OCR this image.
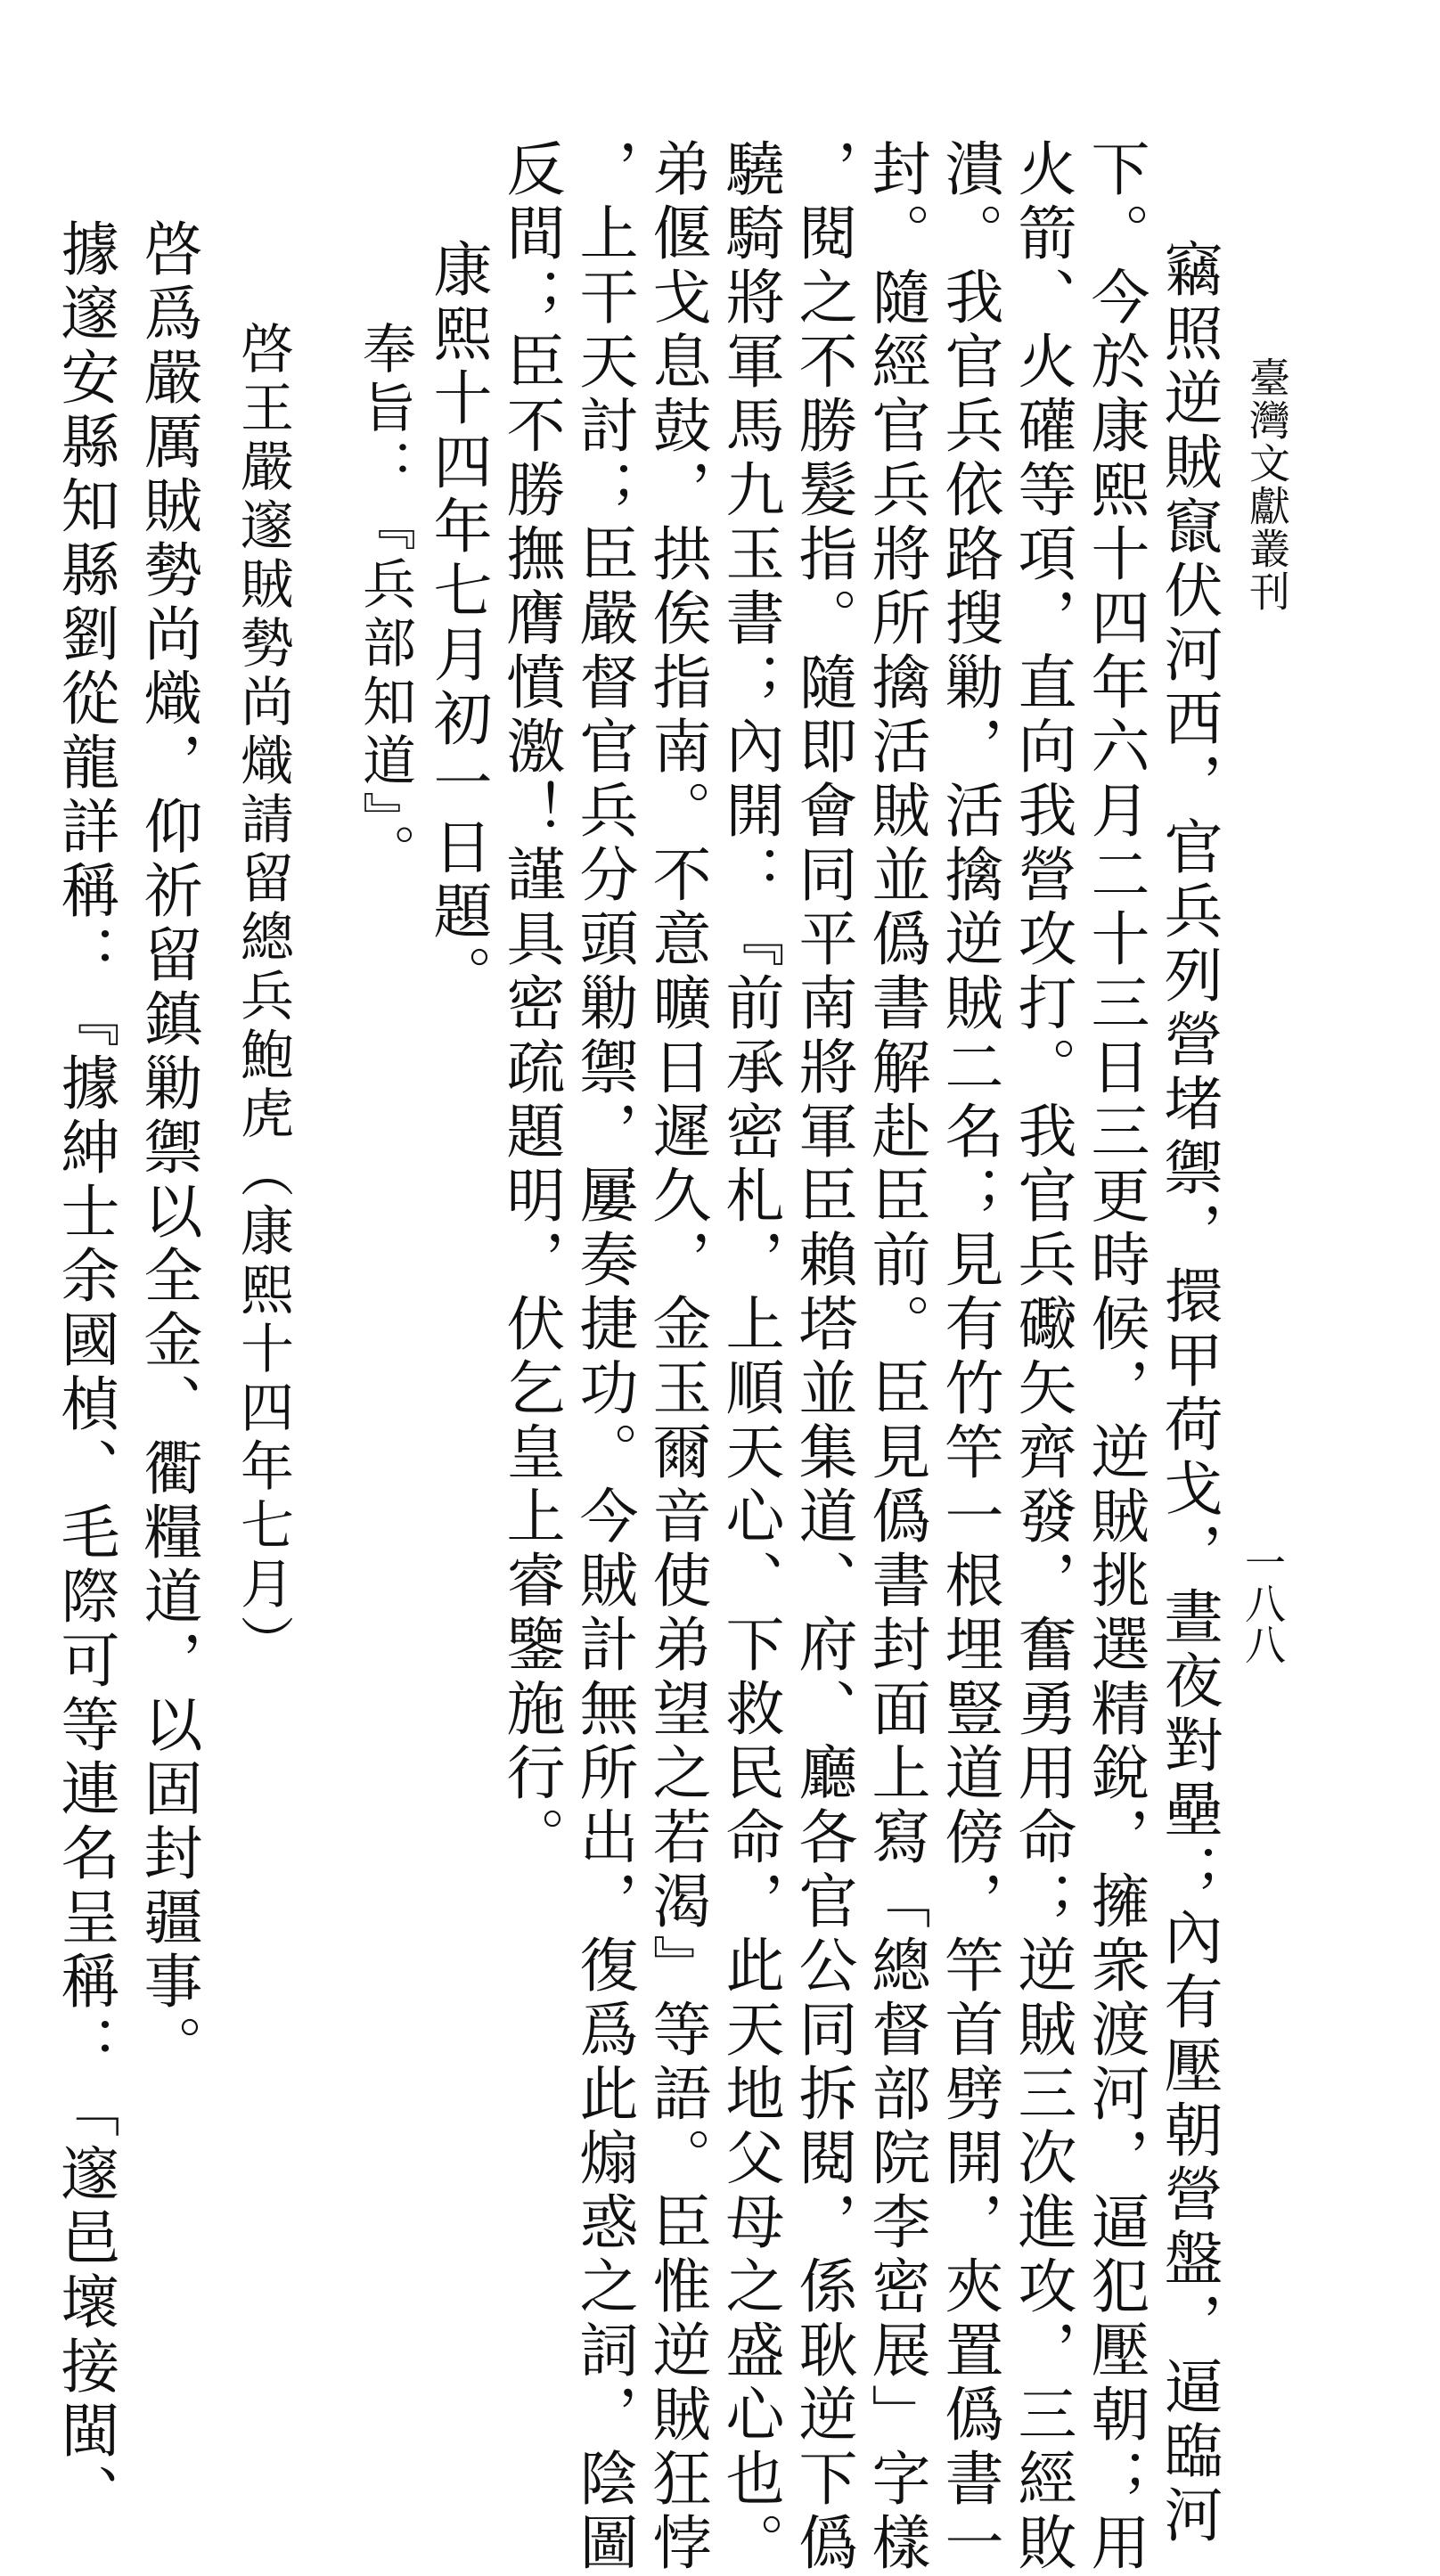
臺灣文獻叢刊
一八八
竊照逆賊竄伏河西，官兵列營堵禦，擐甲荷戈，晝夜對壘；內有壓朝營盤，逼臨河
下。今於康熙十四年六月二十三日三更時候，逆賊挑選精銳，擁衆渡河，逼犯壓朝；用
火箭、火礶等項，直向我營攻打。我官兵礮矢齊發，奮勇用命；逆賊三次進攻，三經敗
潰。我官兵依路搜勦，活擒逆賊二名；見有竹竿一根埋豎道傍，竿首劈開，夾置僞書一
封。隨經官兵將所擒活賊並僞書解赴臣前。臣見僞書封面上寫「總督部院李密展」字樣
，閱之不勝髮指。隨即會同平南將軍臣賴塔並集道、府、廳各官公同拆閱，係耿逆下僞
驍騎將軍馬九玉書；內開：『前承密札，上順天心、下救民命，此天地父母之盛心也。
弟偃戈息鼓，拱俟指南。不意曠日遲久，金玉爾音使弟望之若渴』等語。臣惟逆賊狂悖
，上干天討；臣嚴督官兵分頭勦禦，屢奏捷功。今賊計無所出，復爲此煽惑之詞，陰圖
反間；臣不勝撫膺憤激！謹具密疏題明，伏乞皇上睿鑒施行。
康熙十四年七月初一日題。
奉旨：『兵部知道』。
啓王嚴邃賊勢尚熾請留總兵鮑虎（康熙十四年七月）
啓爲嚴厲賊勢尚熾，仰祈留鎮勦禦以全金、衢糧道，以固封疆事。
據邃安縣知縣劉從龍詳稱：『據紳士余國楨、毛際可等連名呈稱：「邃邑壞接閩、
